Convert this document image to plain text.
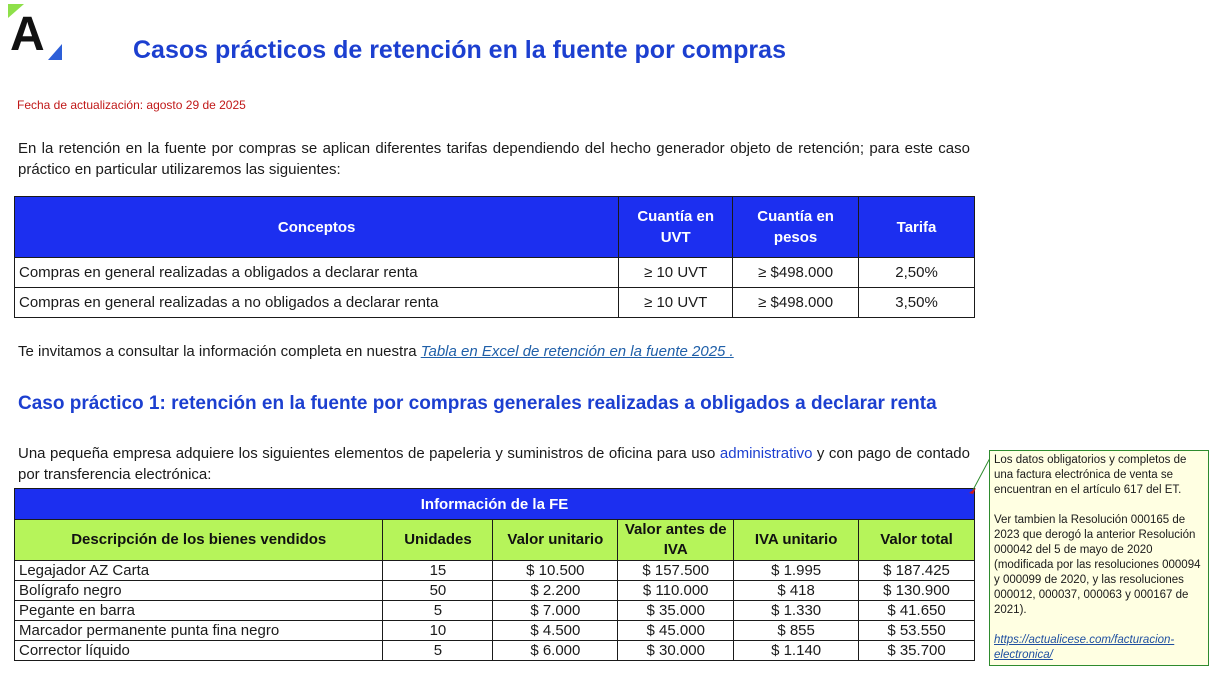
A	Casos prácticos de retención en la fuente por compras
Fecha de actualización: agosto 29 de 2025

En la retención en la fuente por compras se aplican diferentes tarifas dependiendo del hecho generador objeto de retención; para este caso práctico en particular utilizaremos las siguientes:

Conceptos	Cuantía en UVT	Cuantía en pesos	Tarifa
Compras en general realizadas a obligados a declarar renta	≥ 10 UVT	≥ $498.000	2,50%
Compras en general realizadas a no obligados a declarar renta	≥ 10 UVT	≥ $498.000	3,50%

Te invitamos a consultar la información completa en nuestra Tabla en Excel de retención en la fuente 2025 .

Caso práctico 1: retención en la fuente por compras generales realizadas a obligados a declarar renta

Una pequeña empresa adquiere los siguientes elementos de papeleria y suministros de oficina para uso administrativo y con pago de contado por transferencia electrónica:

Información de la FE					
Descripción de los bienes vendidos	Unidades	Valor unitario	Valor antes de IVA	IVA unitario	Valor total
Legajador AZ Carta	15	$ 10.500	$ 157.500	$ 1.995	$ 187.425
Bolígrafo negro	50	$ 2.200	$ 110.000	$ 418	$ 130.900
Pegante en barra	5	$ 7.000	$ 35.000	$ 1.330	$ 41.650
Marcador permanente punta fina negro	10	$ 4.500	$ 45.000	$ 855	$ 53.550
Corrector líquido	5	$ 6.000	$ 30.000	$ 1.140	$ 35.700

Los datos obligatorios y completos de una factura electrónica de venta se encuentran en el artículo 617 del ET.

Ver tambien la Resolución 000165 de 2023 que derogó la anterior Resolución 000042 del 5 de mayo de 2020 (modificada por las resoluciones 000094 y 000099 de 2020, y las resoluciones 000012, 000037, 000063 y 000167 de 2021).

https://actualicese.com/facturacion-electronica/
